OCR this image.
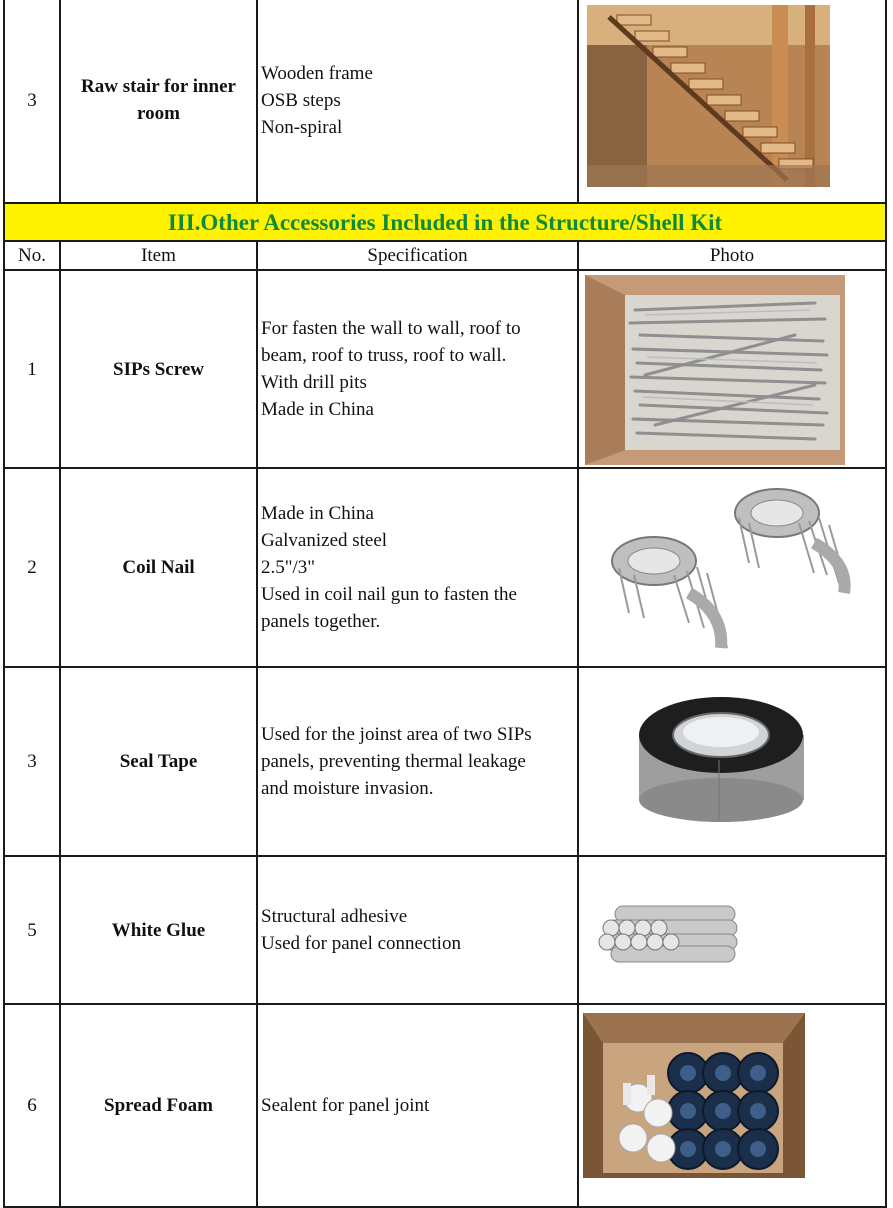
3	Raw stair for inner room	Wooden frame
OSB steps
Non-spiral

III.Other Accessories Included in the Structure/Shell Kit			
No.	Item	Specification	Photo
1	SIPs Screw	For fasten the wall to wall, roof to
beam, roof to truss, roof to wall.
With drill pits
Made in China

2	Coil Nail	Made in China
Galvanized steel
2.5"/3"
Used in coil nail gun to fasten the
panels together.

3	Seal Tape	Used for the joinst area of two SIPs
panels, preventing thermal leakage
and moisture invasion.

5	White Glue	Structural adhesive
Used for panel connection

6	Spread Foam	Sealent for panel joint
